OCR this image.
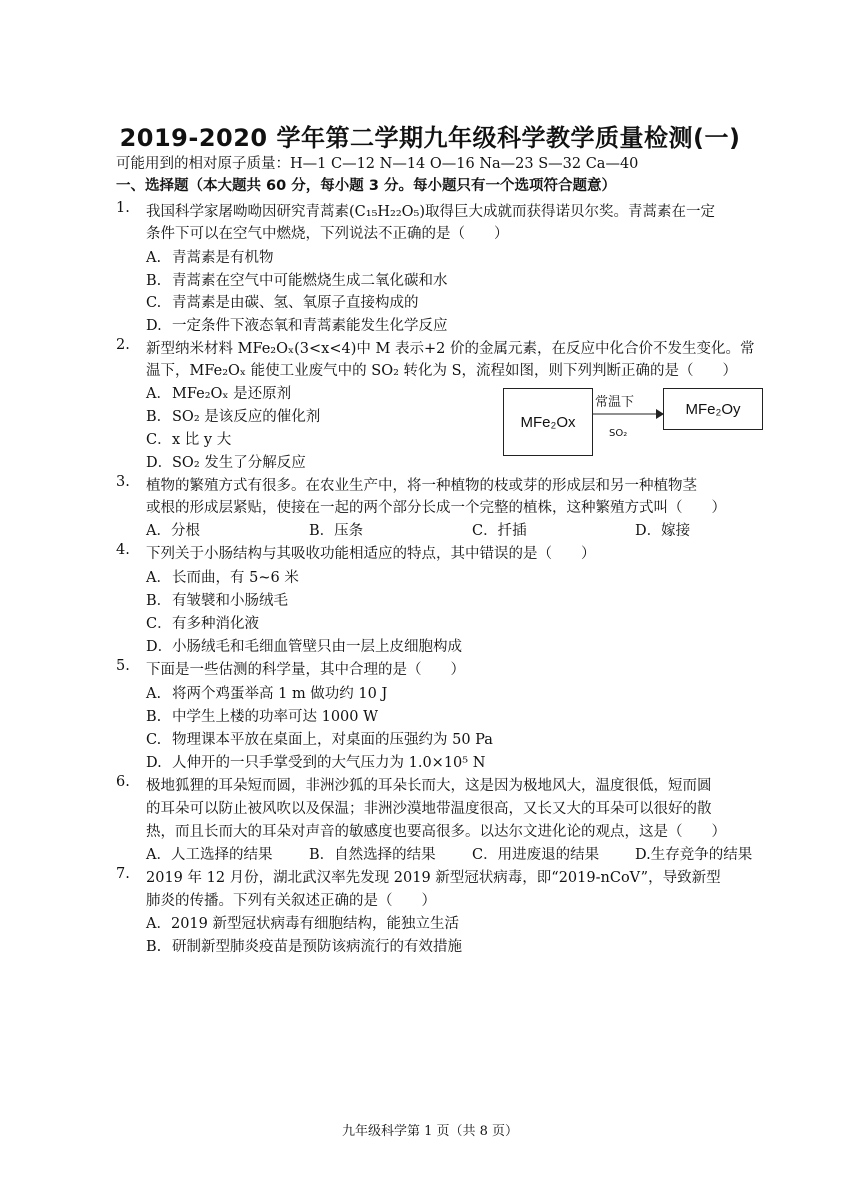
2019-2020 学年第二学期九年级科学教学质量检测(一)
可能用到的相对原子质量：H—1 C—12 N—14 O—16 Na—23 S—32 Ca—40
一、选择题（本大题共 60 分，每小题 3 分。每小题只有一个选项符合题意）
1. 我国科学家屠呦呦因研究青蒿素(C₁₅H₂₂O₅)取得巨大成就而获得诺贝尔奖。青蒿素在一定
条件下可以在空气中燃烧，下列说法不正确的是（　　）
A. 青蒿素是有机物
B. 青蒿素在空气中可能燃烧生成二氧化碳和水
C. 青蒿素是由碳、氢、氧原子直接构成的
D. 一定条件下液态氧和青蒿素能发生化学反应
2. 新型纳米材料 MFe₂Oₓ(3<x<4)中 M 表示+2 价的金属元素，在反应中化合价不发生变化。常
温下，MFe₂Oₓ 能使工业废气中的 SO₂ 转化为 S，流程如图，则下列判断正确的是（　　）
A．MFe₂Oₓ 是还原剂
B．SO₂ 是该反应的催化剂
C．x 比 y 大
D．SO₂ 发生了分解反应
MFe₂Ox
常温下
SO₂
MFe₂Oy
3. 植物的繁殖方式有很多。在农业生产中，将一种植物的枝或芽的形成层和另一种植物茎
或根的形成层紧贴，使接在一起的两个部分长成一个完整的植株，这种繁殖方式叫（　　）
A．分根	B．压条	C．扦插	D．嫁接
4. 下列关于小肠结构与其吸收功能相适应的特点，其中错误的是（　　）
A．长而曲，有 5~6 米
B．有皱襞和小肠绒毛
C．有多种消化液
D．小肠绒毛和毛细血管壁只由一层上皮细胞构成
5. 下面是一些估测的科学量，其中合理的是（　　）
A. 将两个鸡蛋举高 1 m 做功约 10 J
B. 中学生上楼的功率可达 1000 W
C. 物理课本平放在桌面上，对桌面的压强约为 50 Pa
D. 人伸开的一只手掌受到的大气压力为 1.0×10⁵ N
6. 极地狐狸的耳朵短而圆，非洲沙狐的耳朵长而大，这是因为极地风大，温度很低，短而圆
的耳朵可以防止被风吹以及保温；非洲沙漠地带温度很高，又长又大的耳朵可以很好的散
热，而且长而大的耳朵对声音的敏感度也要高很多。以达尔文进化论的观点，这是（　　）
A．人工选择的结果	B．自然选择的结果	C．用进废退的结果 D.生存竞争的结果
7. 2019 年 12 月份，湖北武汉率先发现 2019 新型冠状病毒，即“2019-nCoV”，导致新型
肺炎的传播。下列有关叙述正确的是（　　）
A．2019 新型冠状病毒有细胞结构，能独立生活
B. 研制新型肺炎疫苗是预防该病流行的有效措施
九年级科学第 1 页（共 8 页）
